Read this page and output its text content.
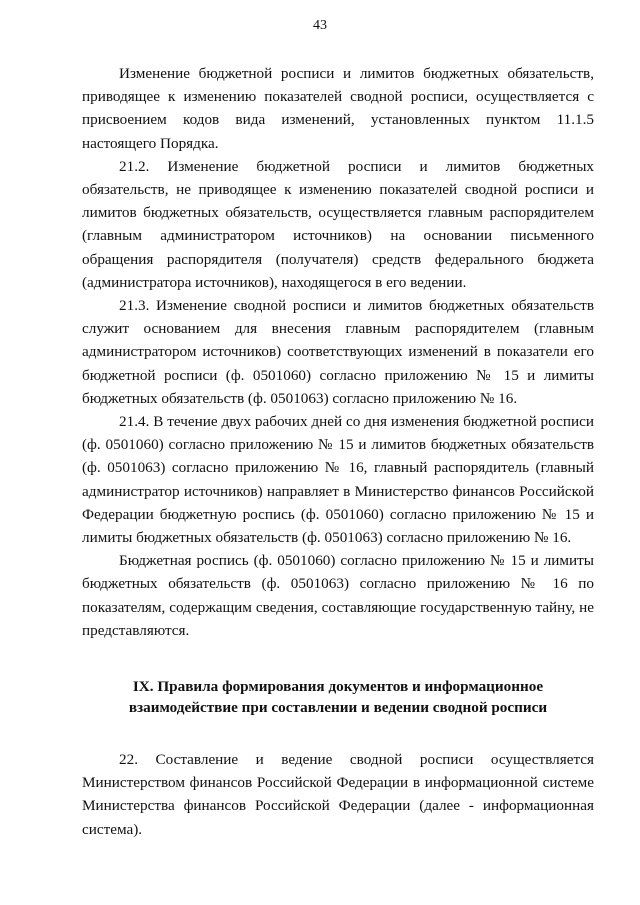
43

Изменение бюджетной росписи и лимитов бюджетных обязательств, приводящее к изменению показателей сводной росписи, осуществляется с присвоением кодов вида изменений, установленных пунктом 11.1.5 настоящего Порядка.

21.2. Изменение бюджетной росписи и лимитов бюджетных обязательств, не приводящее к изменению показателей сводной росписи и лимитов бюджетных обязательств, осуществляется главным распорядителем (главным администратором источников) на основании письменного обращения распорядителя (получателя) средств федерального бюджета (администратора источников), находящегося в его ведении.

21.3. Изменение сводной росписи и лимитов бюджетных обязательств служит основанием для внесения главным распорядителем (главным администратором источников) соответствующих изменений в показатели его бюджетной росписи (ф. 0501060) согласно приложению № 15 и лимиты бюджетных обязательств (ф. 0501063) согласно приложению № 16.

21.4. В течение двух рабочих дней со дня изменения бюджетной росписи (ф. 0501060) согласно приложению № 15 и лимитов бюджетных обязательств (ф. 0501063) согласно приложению № 16, главный распорядитель (главный администратор источников) направляет в Министерство финансов Российской Федерации бюджетную роспись (ф. 0501060) согласно приложению № 15 и лимиты бюджетных обязательств (ф. 0501063) согласно приложению № 16.

Бюджетная роспись (ф. 0501060) согласно приложению № 15 и лимиты бюджетных обязательств (ф. 0501063) согласно приложению № 16 по показателям, содержащим сведения, составляющие государственную тайну, не представляются.

IX. Правила формирования документов и информационное взаимодействие при составлении и ведении сводной росписи

22. Составление и ведение сводной росписи осуществляется Министерством финансов Российской Федерации в информационной системе Министерства финансов Российской Федерации (далее - информационная система).
